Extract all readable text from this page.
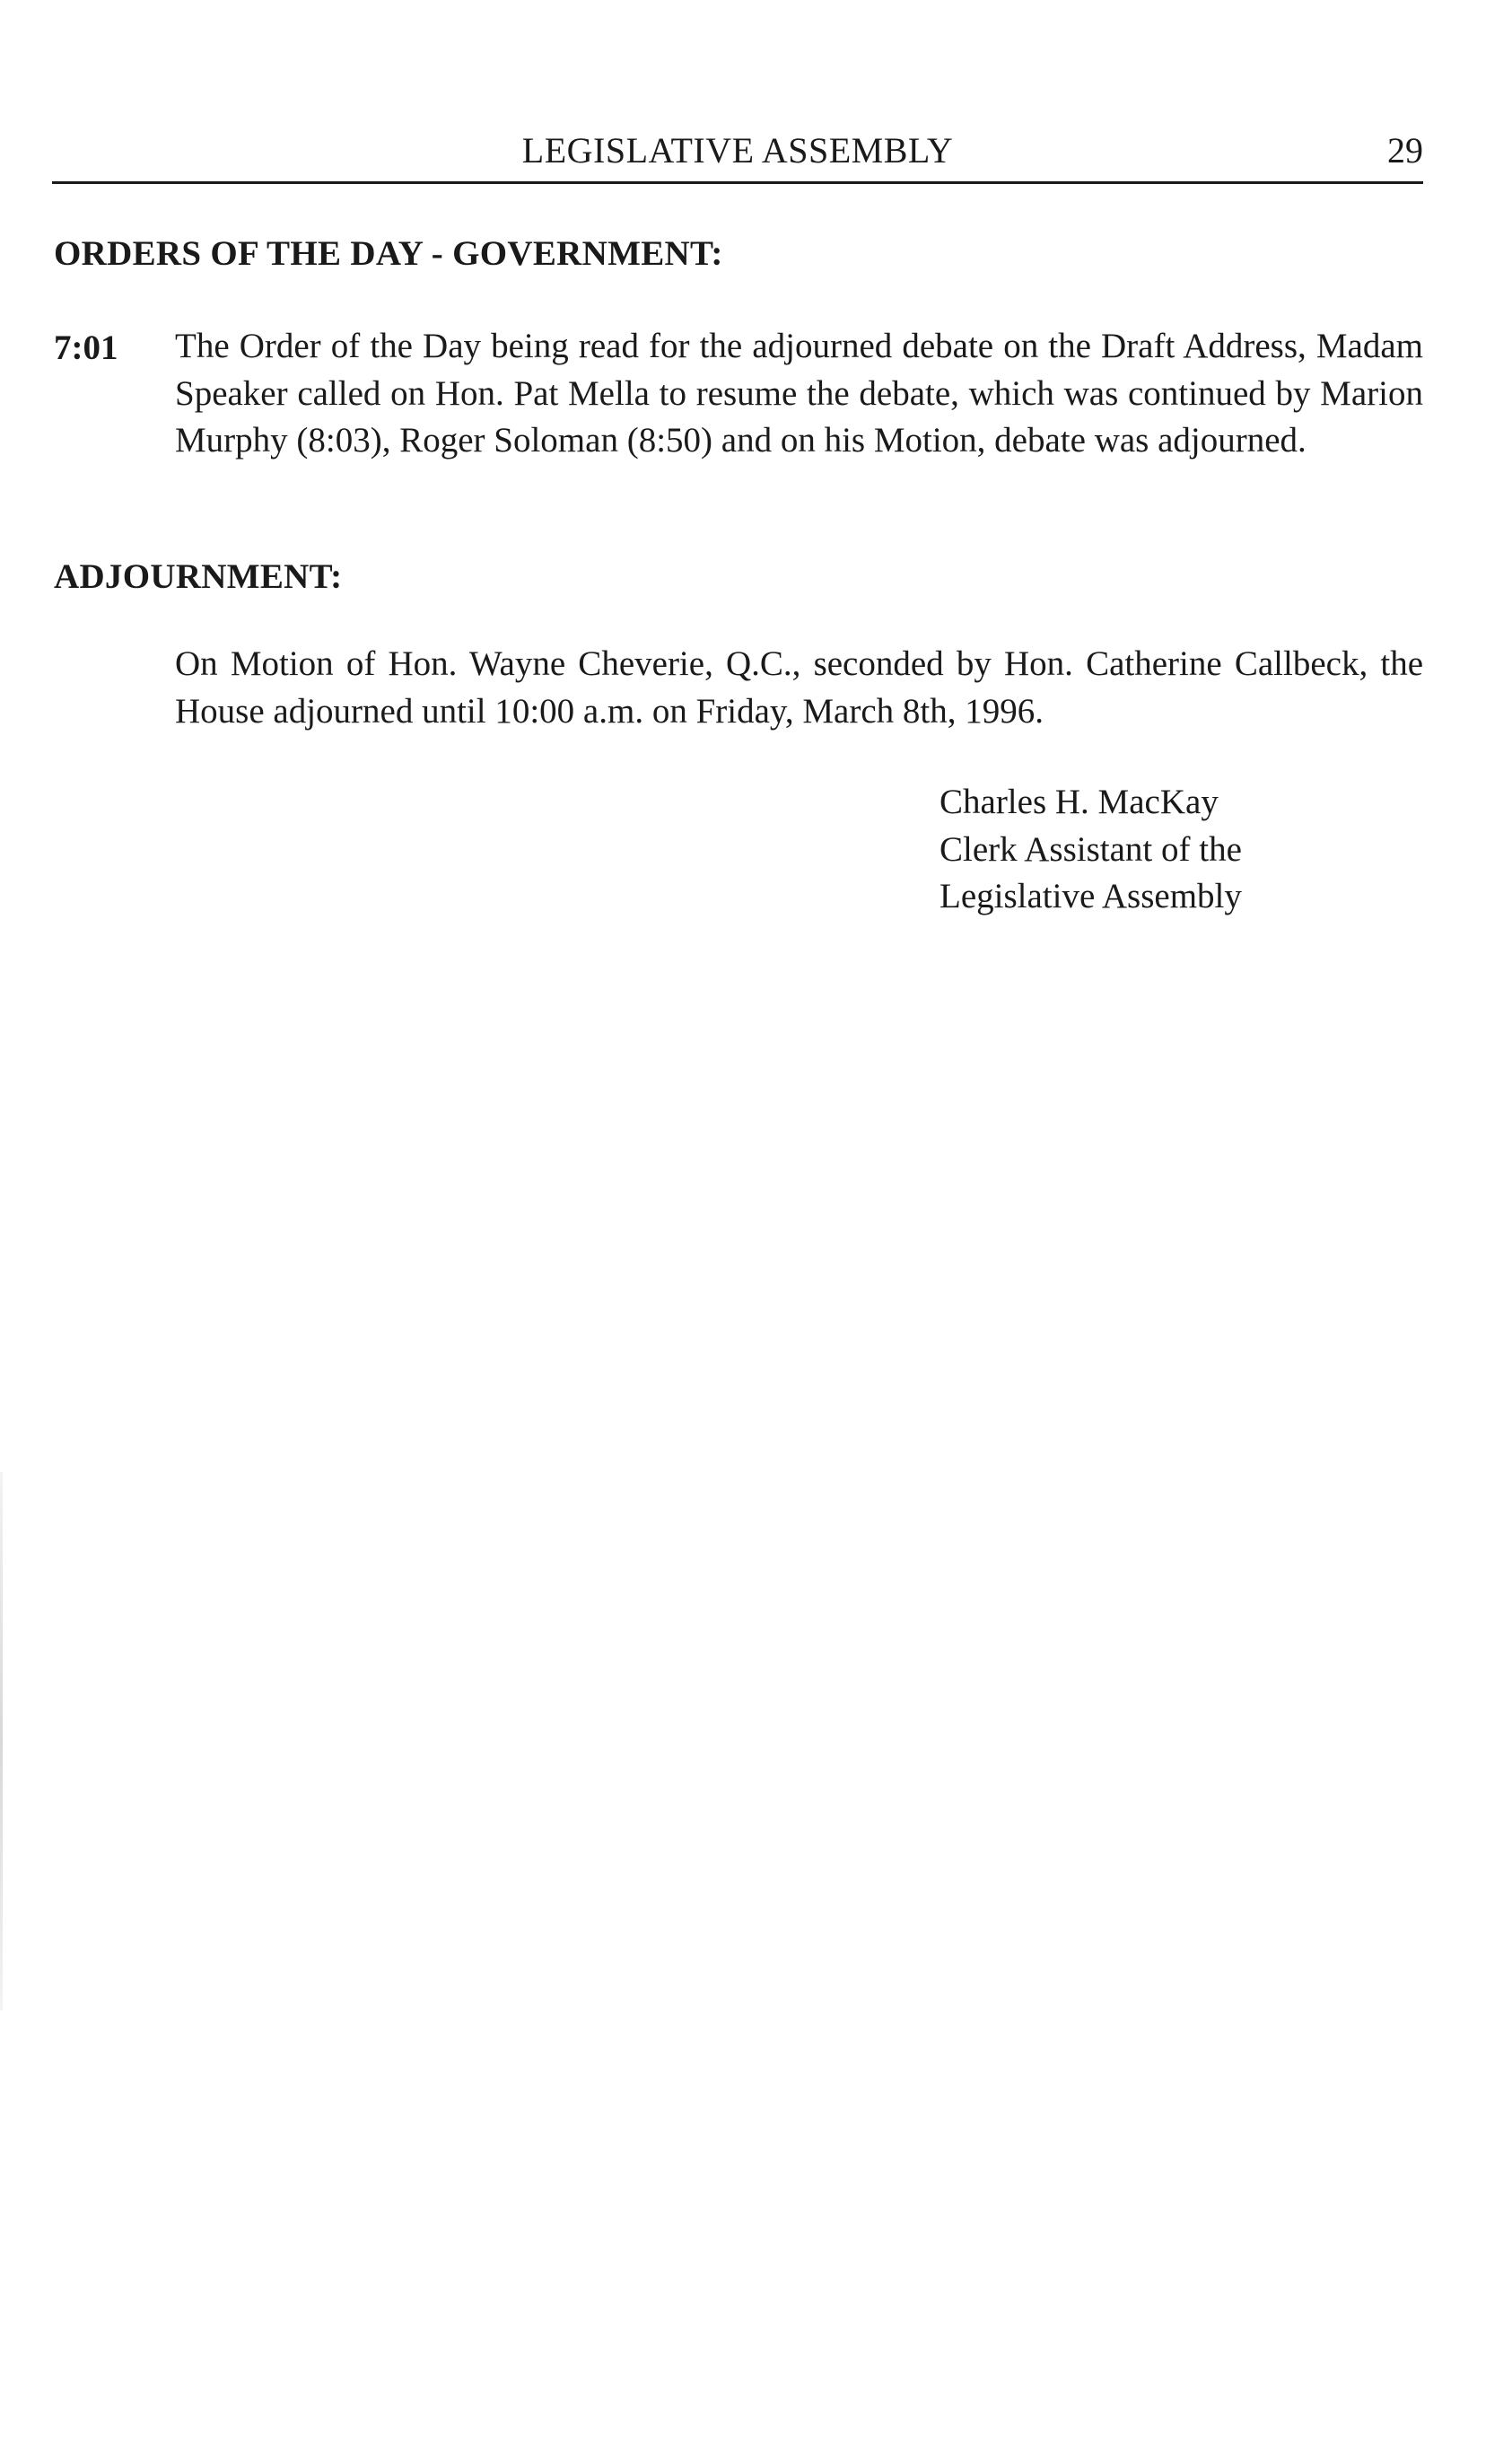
LEGISLATIVE ASSEMBLY	29
ORDERS OF THE DAY - GOVERNMENT:
7:01 The Order of the Day being read for the adjourned debate on the Draft Address, Madam Speaker called on Hon. Pat Mella to resume the debate, which was continued by Marion Murphy (8:03), Roger Soloman (8:50) and on his Motion, debate was adjourned.
ADJOURNMENT:
On Motion of Hon. Wayne Cheverie, Q.C., seconded by Hon. Catherine Callbeck, the House adjourned until 10:00 a.m. on Friday, March 8th, 1996.
Charles H. MacKay
Clerk Assistant of the
Legislative Assembly
